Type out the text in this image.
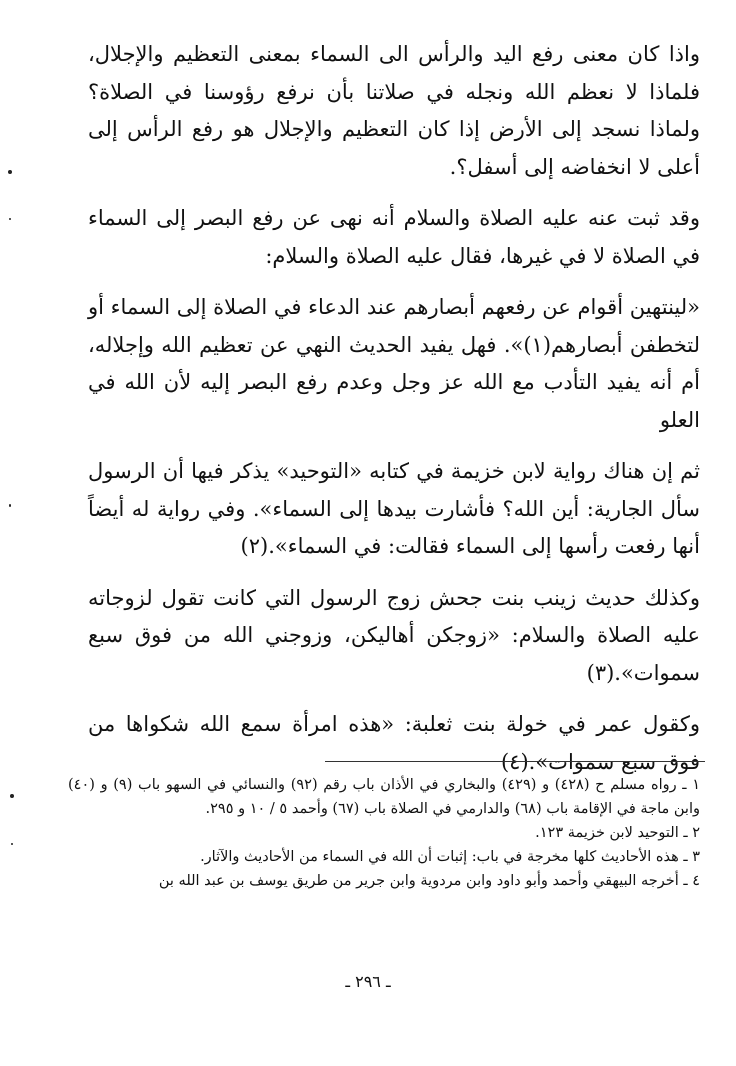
واذا كان معنى رفع اليد والرأس الى السماء بمعنى التعظيم والإجلال، فلماذا لا نعظم الله ونجله في صلاتنا بأن نرفع رؤوسنا في الصلاة؟ ولماذا نسجد إلى الأرض إذا كان التعظيم والإجلال هو رفع الرأس إلى أعلى لا انخفاضه إلى أسفل؟.

وقد ثبت عنه عليه الصلاة والسلام أنه نهى عن رفع البصر إلى السماء في الصلاة لا في غيرها، فقال عليه الصلاة والسلام:

«لينتهين أقوام عن رفعهم أبصارهم عند الدعاء في الصلاة إلى السماء أو لتخطفن أبصارهم(١)». فهل يفيد الحديث النهي عن تعظيم الله وإجلاله، أم أنه يفيد التأدب مع الله عز وجل وعدم رفع البصر إليه لأن الله في العلو

ثم إن هناك رواية لابن خزيمة في كتابه «التوحيد» يذكر فيها أن الرسول سأل الجارية: أين الله؟ فأشارت بيدها إلى السماء». وفي رواية له أيضاً أنها رفعت رأسها إلى السماء فقالت: في السماء».(٢)

وكذلك حديث زينب بنت جحش زوج الرسول التي كانت تقول لزوجاته عليه الصلاة والسلام: «زوجكن أهاليكن، وزوجني الله من فوق سبع سموات».(٣)

وكقول عمر في خولة بنت ثعلبة: «هذه امرأة سمع الله شكواها من فوق سبع سموات».(٤)

١ ـ رواه مسلم ح (٤٢٨) و (٤٢٩) والبخاري في الأذان باب رقم (٩٢) والنسائي في السهو باب (٩) و (٤٠) وابن ماجة في الإقامة باب (٦٨) والدارمي في الصلاة باب (٦٧) وأحمد ٥ / ١٠ و ٢٩٥.

٢ ـ التوحيد لابن خزيمة ١٢٣.

٣ ـ هذه الأحاديث كلها مخرجة في باب: إثبات أن الله في السماء من الأحاديث والآثار.

٤ ـ أخرجه البيهقي وأحمد وأبو داود وابن مردوية وابن جرير من طريق يوسف بن عبد الله بن

ـ ٢٩٦ ـ
